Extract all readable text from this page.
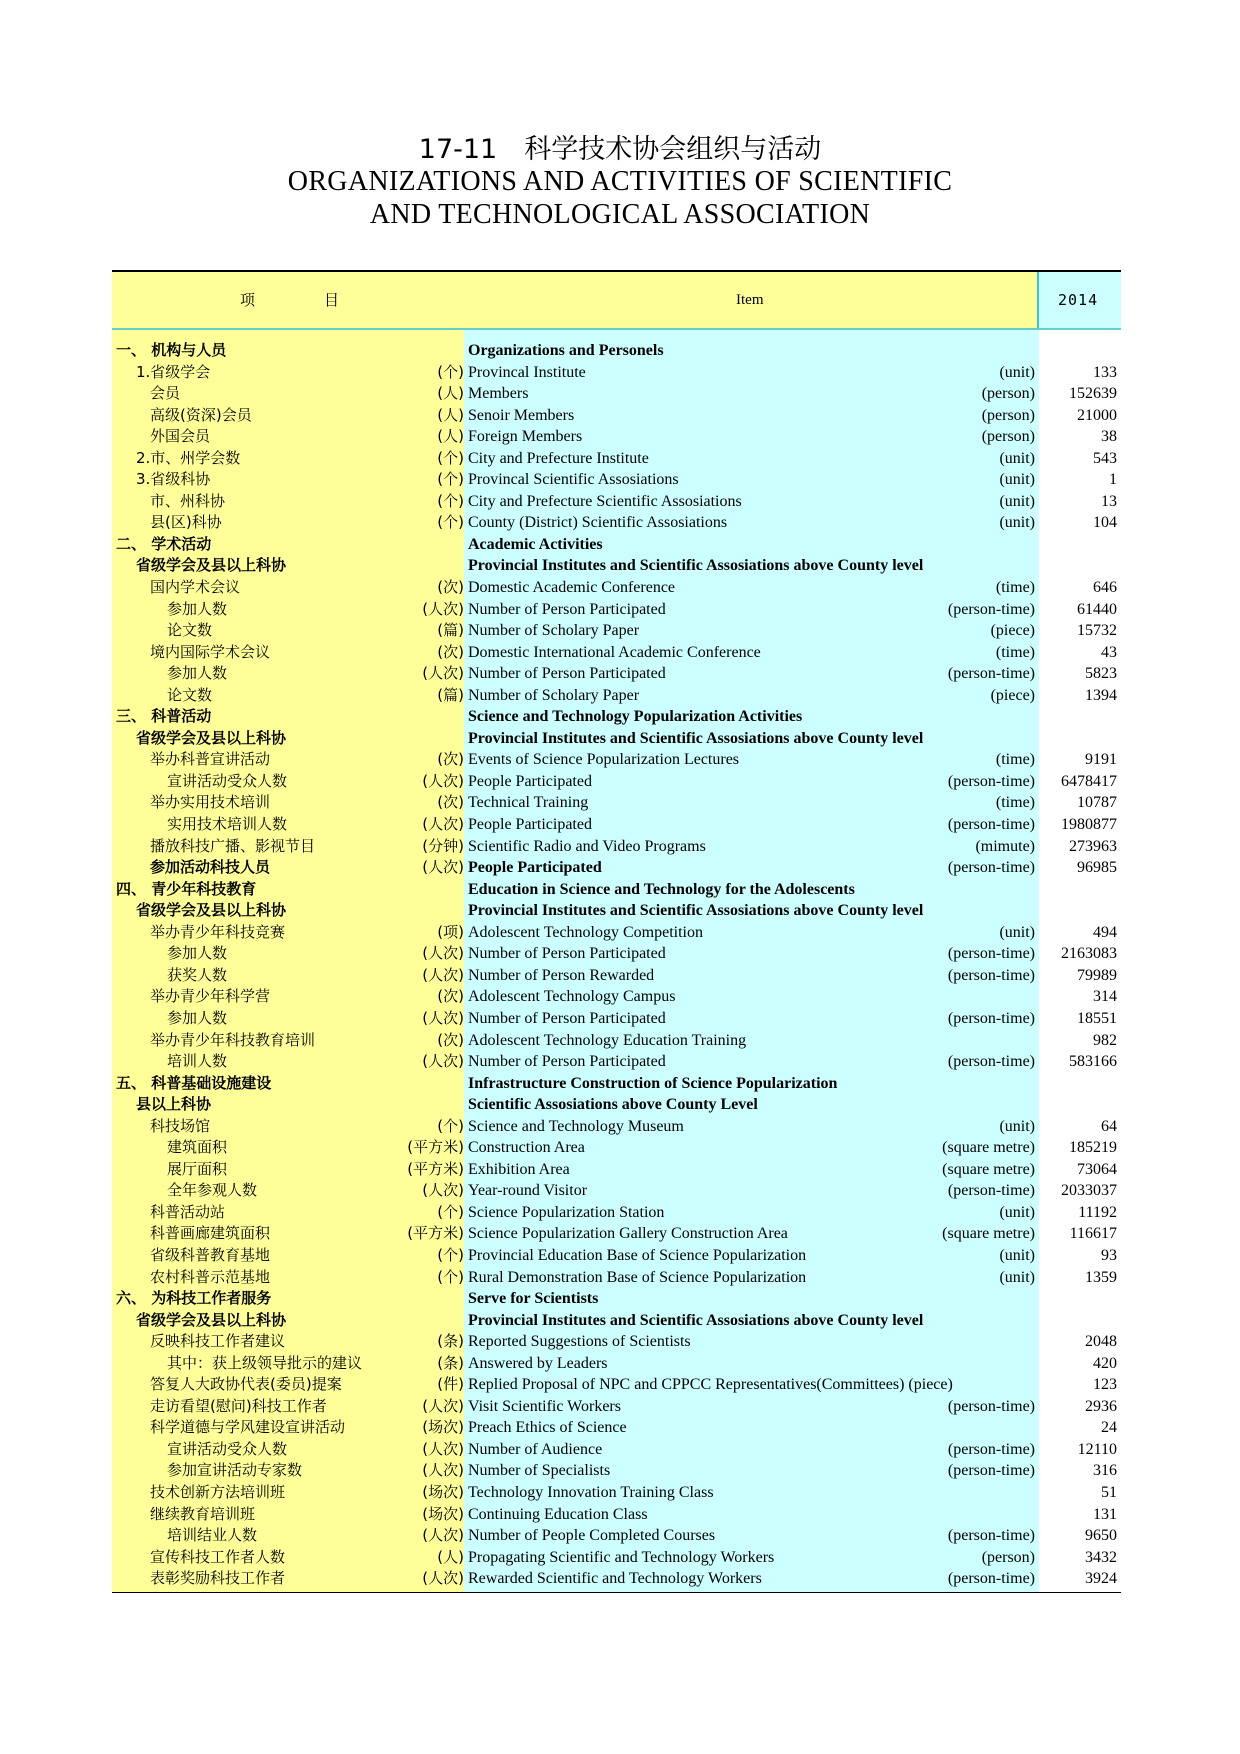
17-11　科学技术协会组织与活动
ORGANIZATIONS AND ACTIVITIES OF SCIENTIFIC
AND TECHNOLOGICAL ASSOCIATION
项	目	Item	2014
一、 机构与人员	Organizations and Personels
1.省级学会	(个) Provincal Institute	(unit)	133
会员	(人) Members	(person) 152639
高级(资深)会员	(人) Senoir Members	(person)	21000
外国会员	(人) Foreign Members	(person)	38
2.市、州学会数	(个) City and Prefecture Institute	(unit)	543
3.省级科协	(个) Provincal Scientific Assosiations	(unit)	1
市、州科协	(个) City and Prefecture Scientific Assosiations	(unit)	13
县(区)科协	(个) County (District) Scientific Assosiations	(unit)	104
二、 学术活动	Academic Activities
省级学会及县以上科协	Provincial Institutes and Scientific Assosiations above County level
国内学术会议	(次) Domestic Academic Conference	(time)	646
参加人数	(人次) Number of Person Participated	(person-time)	61440
论文数	(篇) Number of Scholary Paper	(piece)	15732
境内国际学术会议	(次) Domestic International Academic Conference	(time)	43
参加人数	(人次) Number of Person Participated	(person-time)	5823
论文数	(篇) Number of Scholary Paper	(piece)	1394
三、 科普活动	Science and Technology Popularization Activities
省级学会及县以上科协	Provincial Institutes and Scientific Assosiations above County level
举办科普宣讲活动	(次) Events of Science Popularization Lectures	(time)	9191
宣讲活动受众人数	(人次) People Participated	(person-time) 6478417
举办实用技术培训	(次) Technical Training	(time)	10787
实用技术培训人数	(人次) People Participated	(person-time) 1980877
播放科技广播、影视节目	(分钟) Scientific Radio and Video Programs	(mimute) 273963
参加活动科技人员	(人次) People Participated	(person-time)	96985
四、 青少年科技教育	Education in Science and Technology for the Adolescents
省级学会及县以上科协	Provincial Institutes and Scientific Assosiations above County level
举办青少年科技竞赛	(项) Adolescent Technology Competition	(unit)	494
参加人数	(人次) Number of Person Participated	(person-time) 2163083
获奖人数	(人次) Number of Person Rewarded	(person-time)	79989
举办青少年科学营	(次) Adolescent Technology Campus	314
参加人数	(人次) Number of Person Participated	(person-time)	18551
举办青少年科技教育培训	(次) Adolescent Technology Education Training	982
培训人数	(人次) Number of Person Participated	(person-time) 583166
五、 科普基础设施建设	Infrastructure Construction of Science Popularization
县以上科协	Scientific Assosiations above County Level
科技场馆	(个) Science and Technology Museum	(unit)	64
建筑面积	(平方米) Construction Area	(square metre) 185219
展厅面积	(平方米) Exhibition Area	(square metre)	73064
全年参观人数	(人次) Year-round Visitor	(person-time) 2033037
科普活动站	(个) Science Popularization Station	(unit)	11192
科普画廊建筑面积	(平方米) Science Popularization Gallery Construction Area	(square metre) 116617
省级科普教育基地	(个) Provincial Education Base of Science Popularization	(unit)	93
农村科普示范基地	(个) Rural Demonstration Base of Science Popularization	(unit)	1359
六、 为科技工作者服务	Serve for Scientists
省级学会及县以上科协	Provincial Institutes and Scientific Assosiations above County level
反映科技工作者建议	(条) Reported Suggestions of Scientists	2048
其中：获上级领导批示的建议	(条) Answered by Leaders	420
答复人大政协代表(委员)提案	(件) Replied Proposal of NPC and CPPCC Representatives(Committees) (piece)	123
走访看望(慰问)科技工作者	(人次) Visit Scientific Workers	(person-time)	2936
科学道德与学风建设宣讲活动	(场次) Preach Ethics of Science	24
宣讲活动受众人数	(人次) Number of Audience	(person-time)	12110
参加宣讲活动专家数	(人次) Number of Specialists	(person-time)	316
技术创新方法培训班	(场次) Technology Innovation Training Class	51
继续教育培训班	(场次) Continuing Education Class	131
培训结业人数	(人次) Number of People Completed Courses	(person-time)	9650
宣传科技工作者人数	(人) Propagating Scientific and Technology Workers	(person)	3432
表彰奖励科技工作者	(人次) Rewarded Scientific and Technology Workers	(person-time)	3924
